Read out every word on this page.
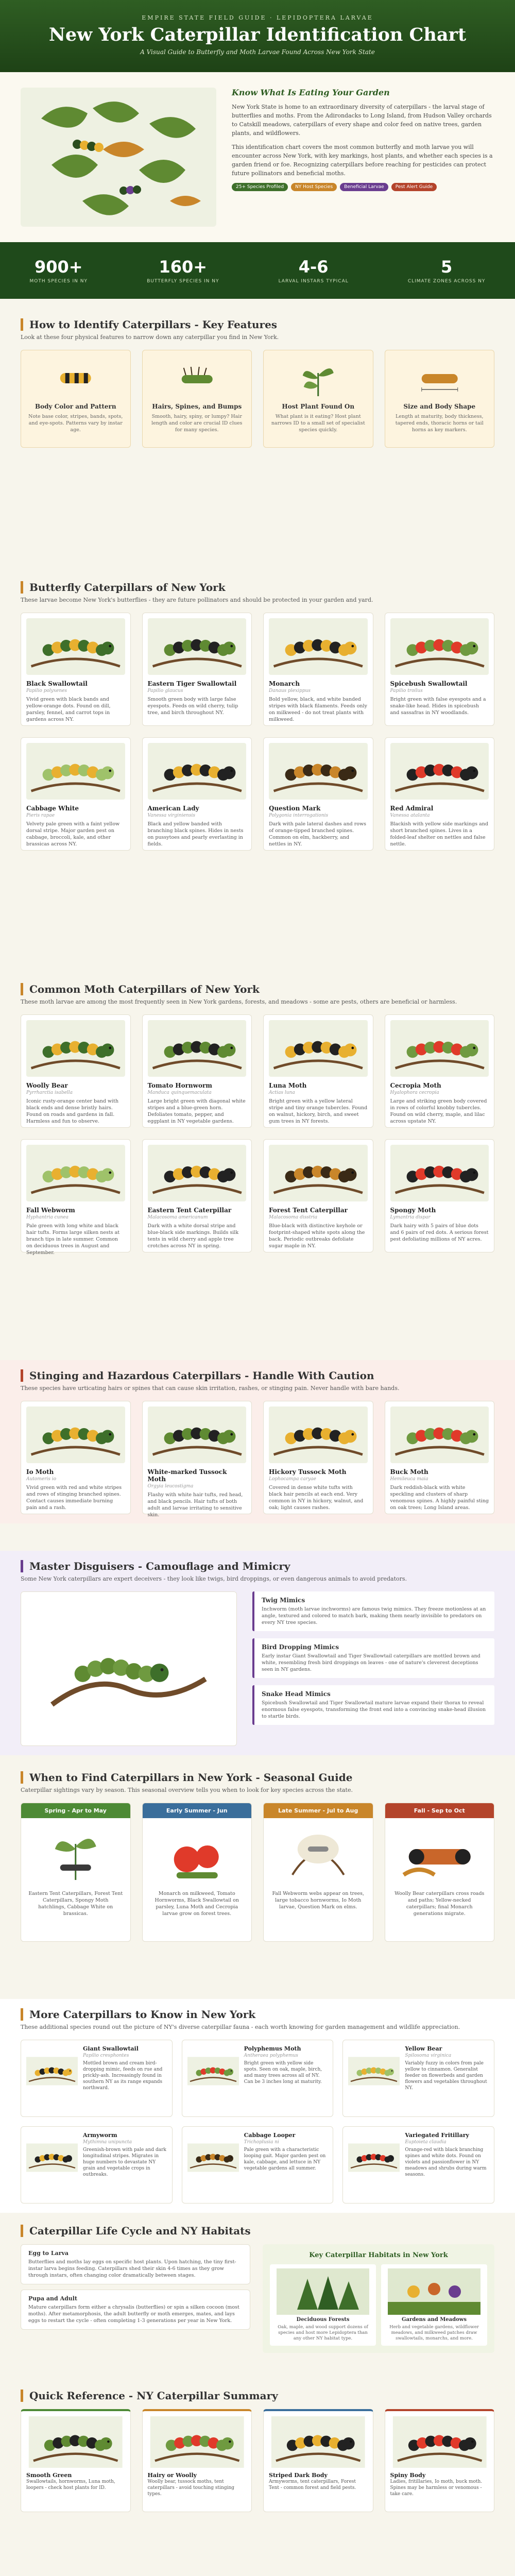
EMPIRE STATE FIELD GUIDE · LEPIDOPTERA LARVAE
New York Caterpillar Identification Chart
A Visual Guide to Butterfly and Moth Larvae Found Across New York State
Know What Is Eating Your Garden

New York State is home to an extraordinary diversity of caterpillars - the larval stage of butterflies and moths. From the Adirondacks to Long Island, from Hudson Valley orchards to Catskill meadows, caterpillars of every shape and color feed on native trees, garden plants, and wildflowers.

This identification chart covers the most common butterfly and moth larvae you will encounter across New York, with key markings, host plants, and whether each species is a garden friend or foe. Recognizing caterpillars before reaching for pesticides can protect future pollinators and beneficial moths.

25+ Species Profiled	NY Host Species	Beneficial Larvae	Pest Alert Guide
900+
MOTH SPECIES IN NY
160+
BUTTERFLY SPECIES IN NY
4-6
LARVAL INSTARS TYPICAL
5
CLIMATE ZONES ACROSS NY
How to Identify Caterpillars - Key Features
Look at these four physical features to narrow down any caterpillar you find in New York.
Body Color and Pattern

Note base color, stripes, bands, spots, and eye-spots. Patterns vary by instar age.

Hairs, Spines, and Bumps

Smooth, hairy, spiny, or lumpy? Hair length and color are crucial ID clues for many species.

Host Plant Found On

What plant is it eating? Host plant narrows ID to a small set of specialist species quickly.

Size and Body Shape

Length at maturity, body thickness, tapered ends, thoracic horns or tail horns as key markers.

Butterfly Caterpillars of New York
These larvae become New York's butterflies - they are future pollinators and should be protected in your garden and yard.
Black Swallowtail
Papilio polyxenes

Vivid green with black bands and yellow-orange dots. Found on dill, parsley, fennel, and carrot tops in gardens across NY.

Eastern Tiger Swallowtail
Papilio glaucus

Smooth green body with large false eyespots. Feeds on wild cherry, tulip tree, and birch throughout NY.

Monarch
Danaus plexippus

Bold yellow, black, and white banded stripes with black filaments. Feeds only on milkweed - do not treat plants with milkweed.

Spicebush Swallowtail
Papilio troilus

Bright green with false eyespots and a snake-like head. Hides in spicebush and sassafras in NY woodlands.

Cabbage White
Pieris rapae

Velvety pale green with a faint yellow dorsal stripe. Major garden pest on cabbage, broccoli, kale, and other brassicas across NY.

American Lady
Vanessa virginiensis

Black and yellow banded with branching black spines. Hides in nests on pussytoes and pearly everlasting in fields.

Question Mark
Polygonia interrogationis

Dark with pale lateral dashes and rows of orange-tipped branched spines. Common on elm, hackberry, and nettles in NY.

Red Admiral
Vanessa atalanta

Blackish with yellow side markings and short branched spines. Lives in a folded-leaf shelter on nettles and false nettle.

Common Moth Caterpillars of New York
These moth larvae are among the most frequently seen in New York gardens, forests, and meadows - some are pests, others are beneficial or harmless.
Woolly Bear
Pyrrharctia isabella

Iconic rusty-orange center band with black ends and dense bristly hairs. Found on roads and gardens in fall. Harmless and fun to observe.

Tomato Hornworm
Manduca quinquemaculata

Large bright green with diagonal white stripes and a blue-green horn. Defoliates tomato, pepper, and eggplant in NY vegetable gardens.

Luna Moth
Actias luna

Bright green with a yellow lateral stripe and tiny orange tubercles. Found on walnut, hickory, birch, and sweet gum trees in NY forests.

Cecropia Moth
Hyalophora cecropia

Large and striking green body covered in rows of colorful knobby tubercles. Found on wild cherry, maple, and lilac across upstate NY.

Fall Webworm
Hyphantria cunea

Pale green with long white and black hair tufts. Forms large silken nests at branch tips in late summer. Common on deciduous trees in August and September.

Eastern Tent Caterpillar
Malacosoma americanum

Dark with a white dorsal stripe and blue-black side markings. Builds silk tents in wild cherry and apple tree crotches across NY in spring.

Forest Tent Caterpillar
Malacosoma disstria

Blue-black with distinctive keyhole or footprint-shaped white spots along the back. Periodic outbreaks defoliate sugar maple in NY.

Spongy Moth
Lymantria dispar

Dark hairy with 5 pairs of blue dots and 6 pairs of red dots. A serious forest pest defoliating millions of NY acres.

Stinging and Hazardous Caterpillars - Handle With Caution
These species have urticating hairs or spines that can cause skin irritation, rashes, or stinging pain. Never handle with bare hands.
Io Moth
Automeris io

Vivid green with red and white stripes and rows of stinging branched spines. Contact causes immediate burning pain and a rash.

White-marked Tussock Moth
Orgyia leucostigma

Flashy with white hair tufts, red head, and black pencils. Hair tufts of both adult and larvae irritating to sensitive skin.

Hickory Tussock Moth
Lophocampa caryae

Covered in dense white tufts with black hair pencils at each end. Very common in NY in hickory, walnut, and oak; light causes rashes.

Buck Moth
Hemileuca maia

Dark reddish-black with white speckling and clusters of sharp venomous spines. A highly painful sting on oak trees; Long Island areas.

Master Disguisers - Camouflage and Mimicry
Some New York caterpillars are expert deceivers - they look like twigs, bird droppings, or even dangerous animals to avoid predators.
Twig Mimics

Inchworm (moth larvae inchworms) are famous twig mimics. They freeze motionless at an angle, textured and colored to match bark, making them nearly invisible to predators on every NY tree species.

Bird Dropping Mimics

Early instar Giant Swallowtail and Tiger Swallowtail caterpillars are mottled brown and white, resembling fresh bird droppings on leaves - one of nature's cleverest deceptions seen in NY gardens.

Snake Head Mimics

Spicebush Swallowtail and Tiger Swallowtail mature larvae expand their thorax to reveal enormous false eyespots, transforming the front end into a convincing snake-head illusion to startle birds.

When to Find Caterpillars in New York - Seasonal Guide
Caterpillar sightings vary by season. This seasonal overview tells you when to look for key species across the state.
Spring - Apr to May

Eastern Tent Caterpillars, Forest Tent Caterpillars, Spongy Moth hatchlings, Cabbage White on brassicas.

Early Summer - Jun

Monarch on milkweed, Tomato Hornworms, Black Swallowtail on parsley, Luna Moth and Cecropia larvae grow on forest trees.

Late Summer - Jul to Aug

Fall Webworm webs appear on trees, large tobacco hornworms, Io Moth larvae, Question Mark on elms.

Fall - Sep to Oct

Woolly Bear caterpillars cross roads and paths; Yellow-necked caterpillars; final Monarch generations migrate.

More Caterpillars to Know in New York
These additional species round out the picture of NY's diverse caterpillar fauna - each worth knowing for garden management and wildlife appreciation.
Giant Swallowtail
Papilio cresphontes

Mottled brown and cream bird-dropping mimic, feeds on rue and prickly-ash. Increasingly found in southern NY as its range expands northward.

Polyphemus Moth
Antheraea polyphemus

Bright green with yellow side spots. Seen on oak, maple, birch, and many trees across all of NY. Can be 3 inches long at maturity.

Yellow Bear
Spilosoma virginica

Variably fuzzy in colors from pale yellow to cinnamon. Generalist feeder on flowerbeds and garden flowers and vegetables throughout NY.

Armyworm
Mythimna unipuncta

Greenish-brown with pale and dark longitudinal stripes. Migrates in huge numbers to devastate NY grain and vegetable crops in outbreaks.

Cabbage Looper
Trichoplusia ni

Pale green with a characteristic looping gait. Major garden pest on kale, cabbage, and lettuce in NY vegetable gardens all summer.

Variegated Fritillary
Euptoieta claudia

Orange-red with black branching spines and white dots. Found on violets and passionflower in NY meadows and shrubs during warm seasons.

Caterpillar Life Cycle and NY Habitats
Egg to Larva

Butterflies and moths lay eggs on specific host plants. Upon hatching, the tiny first-instar larva begins feeding. Caterpillars shed their skin 4-6 times as they grow through instars, often changing color dramatically between stages.

Pupa and Adult

Mature caterpillars form either a chrysalis (butterflies) or spin a silken cocoon (most moths). After metamorphosis, the adult butterfly or moth emerges, mates, and lays eggs to restart the cycle - often completing 1-3 generations per year in New York.

Key Caterpillar Habitats in New York
Deciduous Forests

Oak, maple, and wood support dozens of species and host more Lepidoptera than any other NY habitat type.

Gardens and Meadows

Herb and vegetable gardens, wildflower meadows, and milkweed patches draw swallowtails, monarchs, and more.

Quick Reference - NY Caterpillar Summary
Smooth Green

Swallowtails, hornworms, Luna moth, loopers - check host plants for ID.

Hairy or Woolly

Woolly bear, tussock moths, tent caterpillars - avoid touching stinging types.

Striped Dark Body

Armyworms, tent caterpillars, Forest Tent - common forest and field pests.

Spiny Body

Ladies, fritillaries, Io moth, buck moth. Spines may be harmless or venomous - take care.
